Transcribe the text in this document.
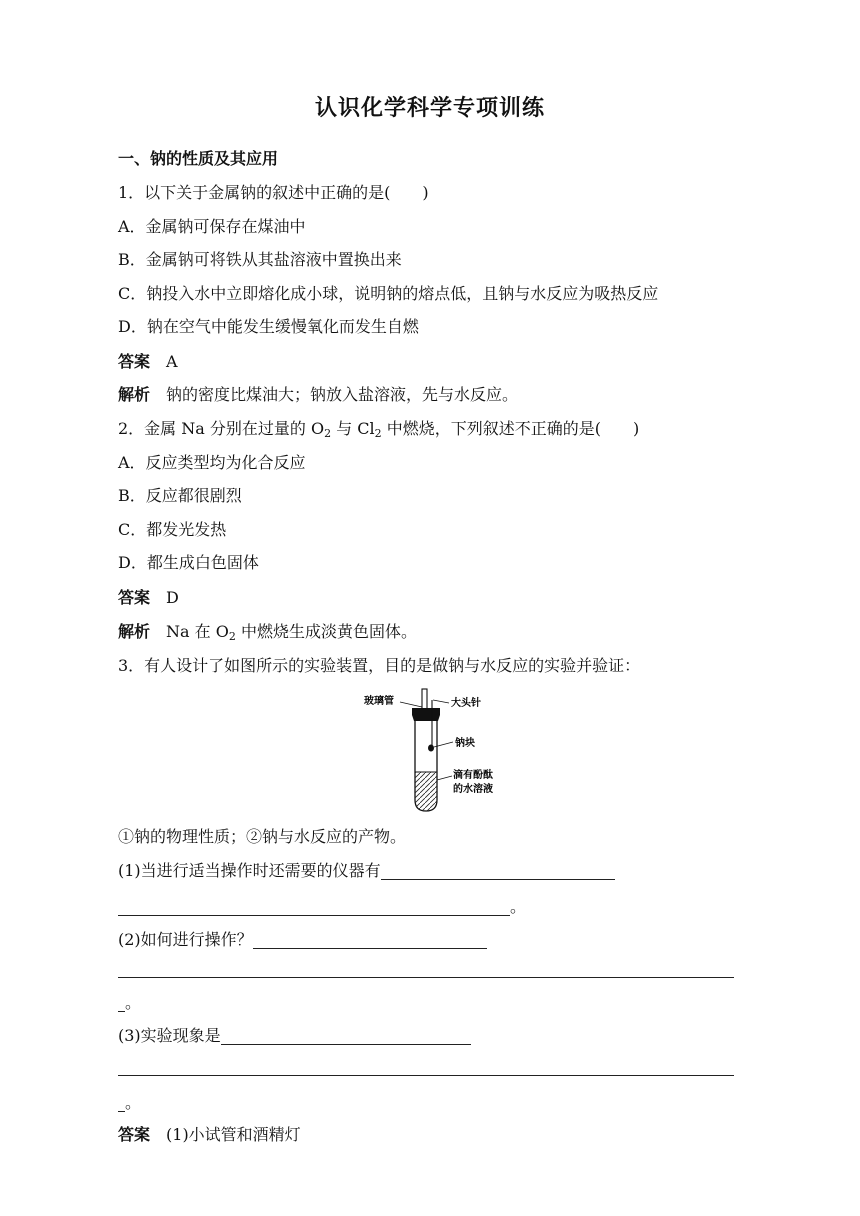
认识化学科学专项训练
一、钠的性质及其应用
1．以下关于金属钠的叙述中正确的是(　　)
A．金属钠可保存在煤油中
B．金属钠可将铁从其盐溶液中置换出来
C．钠投入水中立即熔化成小球，说明钠的熔点低，且钠与水反应为吸热反应
D．钠在空气中能发生缓慢氧化而发生自燃
答案 A
解析 钠的密度比煤油大；钠放入盐溶液，先与水反应。
2．金属 Na 分别在过量的 $O_2$ 与 $Cl_2$ 中燃烧，下列叙述不正确的是(　　)
A．反应类型均为化合反应
B．反应都很剧烈
C．都发光发热
D．都生成白色固体
答案 D
解析 Na 在 $O_2$ 中燃烧生成淡黄色固体。
3．有人设计了如图所示的实验装置，目的是做钠与水反应的实验并验证：
玻璃管	大头针
钠块
滴有酚酞
的水溶液
①钠的物理性质；②钠与水反应的产物。
(1)当进行适当操作时还需要的仪器有
。
(2)如何进行操作？
。
(3)实验现象是
。
答案 (1)小试管和酒精灯
